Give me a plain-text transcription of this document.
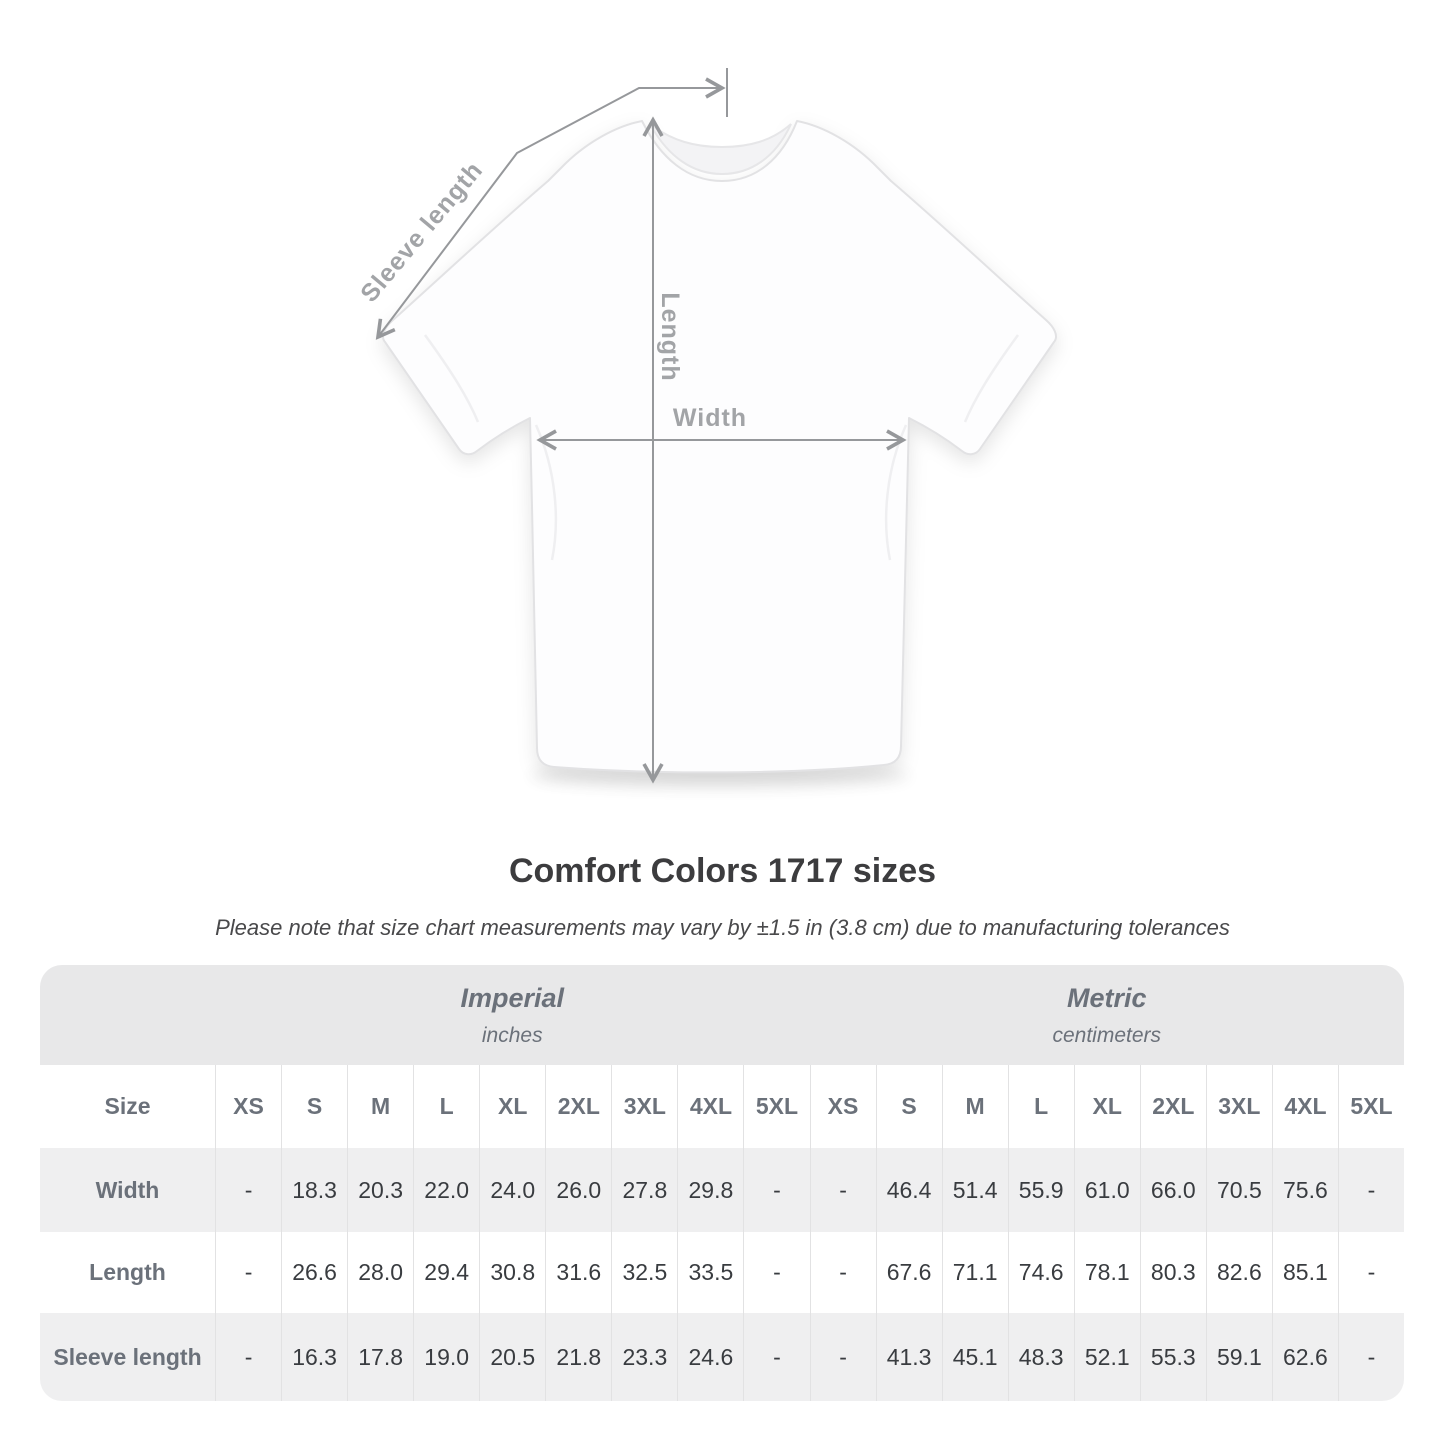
Sleeve length
Length
Width
Comfort Colors 1717 sizes
Please note that size chart measurements may vary by ±1.5 in (3.8 cm) due to manufacturing tolerances
Imperial
inches
Metric
centimeters
Size	XS	S	M	L	XL	2XL	3XL	4XL	5XL	XS	S	M	L	XL	2XL	3XL	4XL	5XL
Width	-	18.3 20.3 22.0 24.0 26.0 27.8 29.8	-	-	46.4 51.4 55.9 61.0 66.0 70.5 75.6	-
Length	-	26.6 28.0 29.4 30.8 31.6 32.5 33.5	-	-	67.6 71.1 74.6 78.1 80.3 82.6 85.1	-
Sleeve length	-	16.3 17.8 19.0 20.5 21.8 23.3 24.6	-	-	41.3 45.1 48.3 52.1 55.3 59.1 62.6	-
